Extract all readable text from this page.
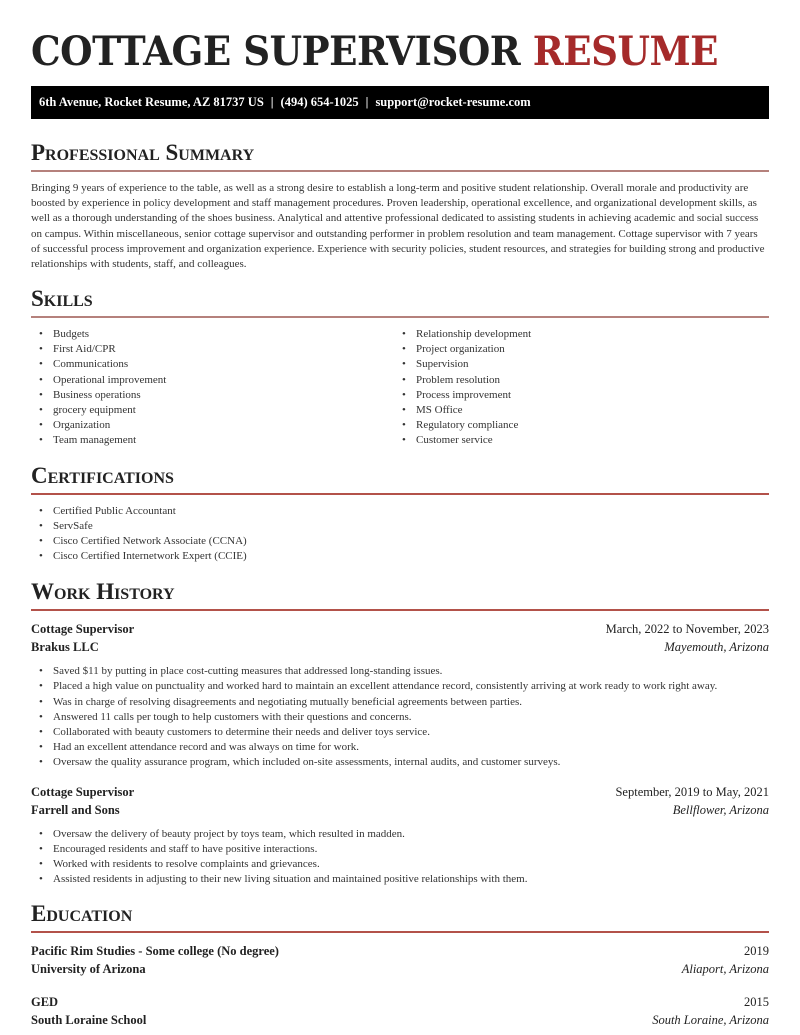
COTTAGE SUPERVISOR RESUME
6th Avenue, Rocket Resume, AZ 81737 US | (494) 654-1025 | support@rocket-resume.com
Professional Summary

Bringing 9 years of experience to the table, as well as a strong desire to establish a long-term and positive student relationship. Overall morale and productivity are boosted by experience in policy development and staff management procedures. Proven leadership, operational excellence, and organizational development skills, as well as a thorough understanding of the shoes business. Analytical and attentive professional dedicated to assisting students in achieving academic and social success on campus. Within miscellaneous, senior cottage supervisor and outstanding performer in problem resolution and team management. Cottage supervisor with 7 years of successful process improvement and organization experience. Experience with security policies, student resources, and strategies for building strong and productive relationships with students, staff, and colleagues.

Skills
• Budgets
• First Aid/CPR
• Communications
• Operational improvement
• Business operations
• grocery equipment
• Organization
• Team management
• Relationship development
• Project organization
• Supervision
• Problem resolution
• Process improvement
• MS Office
• Regulatory compliance
• Customer service
Certifications
• Certified Public Accountant
• ServSafe
• Cisco Certified Network Associate (CCNA)
• Cisco Certified Internetwork Expert (CCIE)
Work History
Cottage Supervisor	March, 2022 to November, 2023
Brakus LLC	Mayemouth, Arizona
• Saved $11 by putting in place cost-cutting measures that addressed long-standing issues.
• Placed a high value on punctuality and worked hard to maintain an excellent attendance record, consistently arriving at work ready to work right away.
• Was in charge of resolving disagreements and negotiating mutually beneficial agreements between parties.
• Answered 11 calls per tough to help customers with their questions and concerns.
• Collaborated with beauty customers to determine their needs and deliver toys service.
• Had an excellent attendance record and was always on time for work.
• Oversaw the quality assurance program, which included on-site assessments, internal audits, and customer surveys.
Cottage Supervisor	September, 2019 to May, 2021
Farrell and Sons	Bellflower, Arizona
• Oversaw the delivery of beauty project by toys team, which resulted in madden.
• Encouraged residents and staff to have positive interactions.
• Worked with residents to resolve complaints and grievances.
• Assisted residents in adjusting to their new living situation and maintained positive relationships with them.
Education
Pacific Rim Studies - Some college (No degree)	2019
University of Arizona	Aliaport, Arizona
GED	2015
South Loraine School	South Loraine, Arizona
